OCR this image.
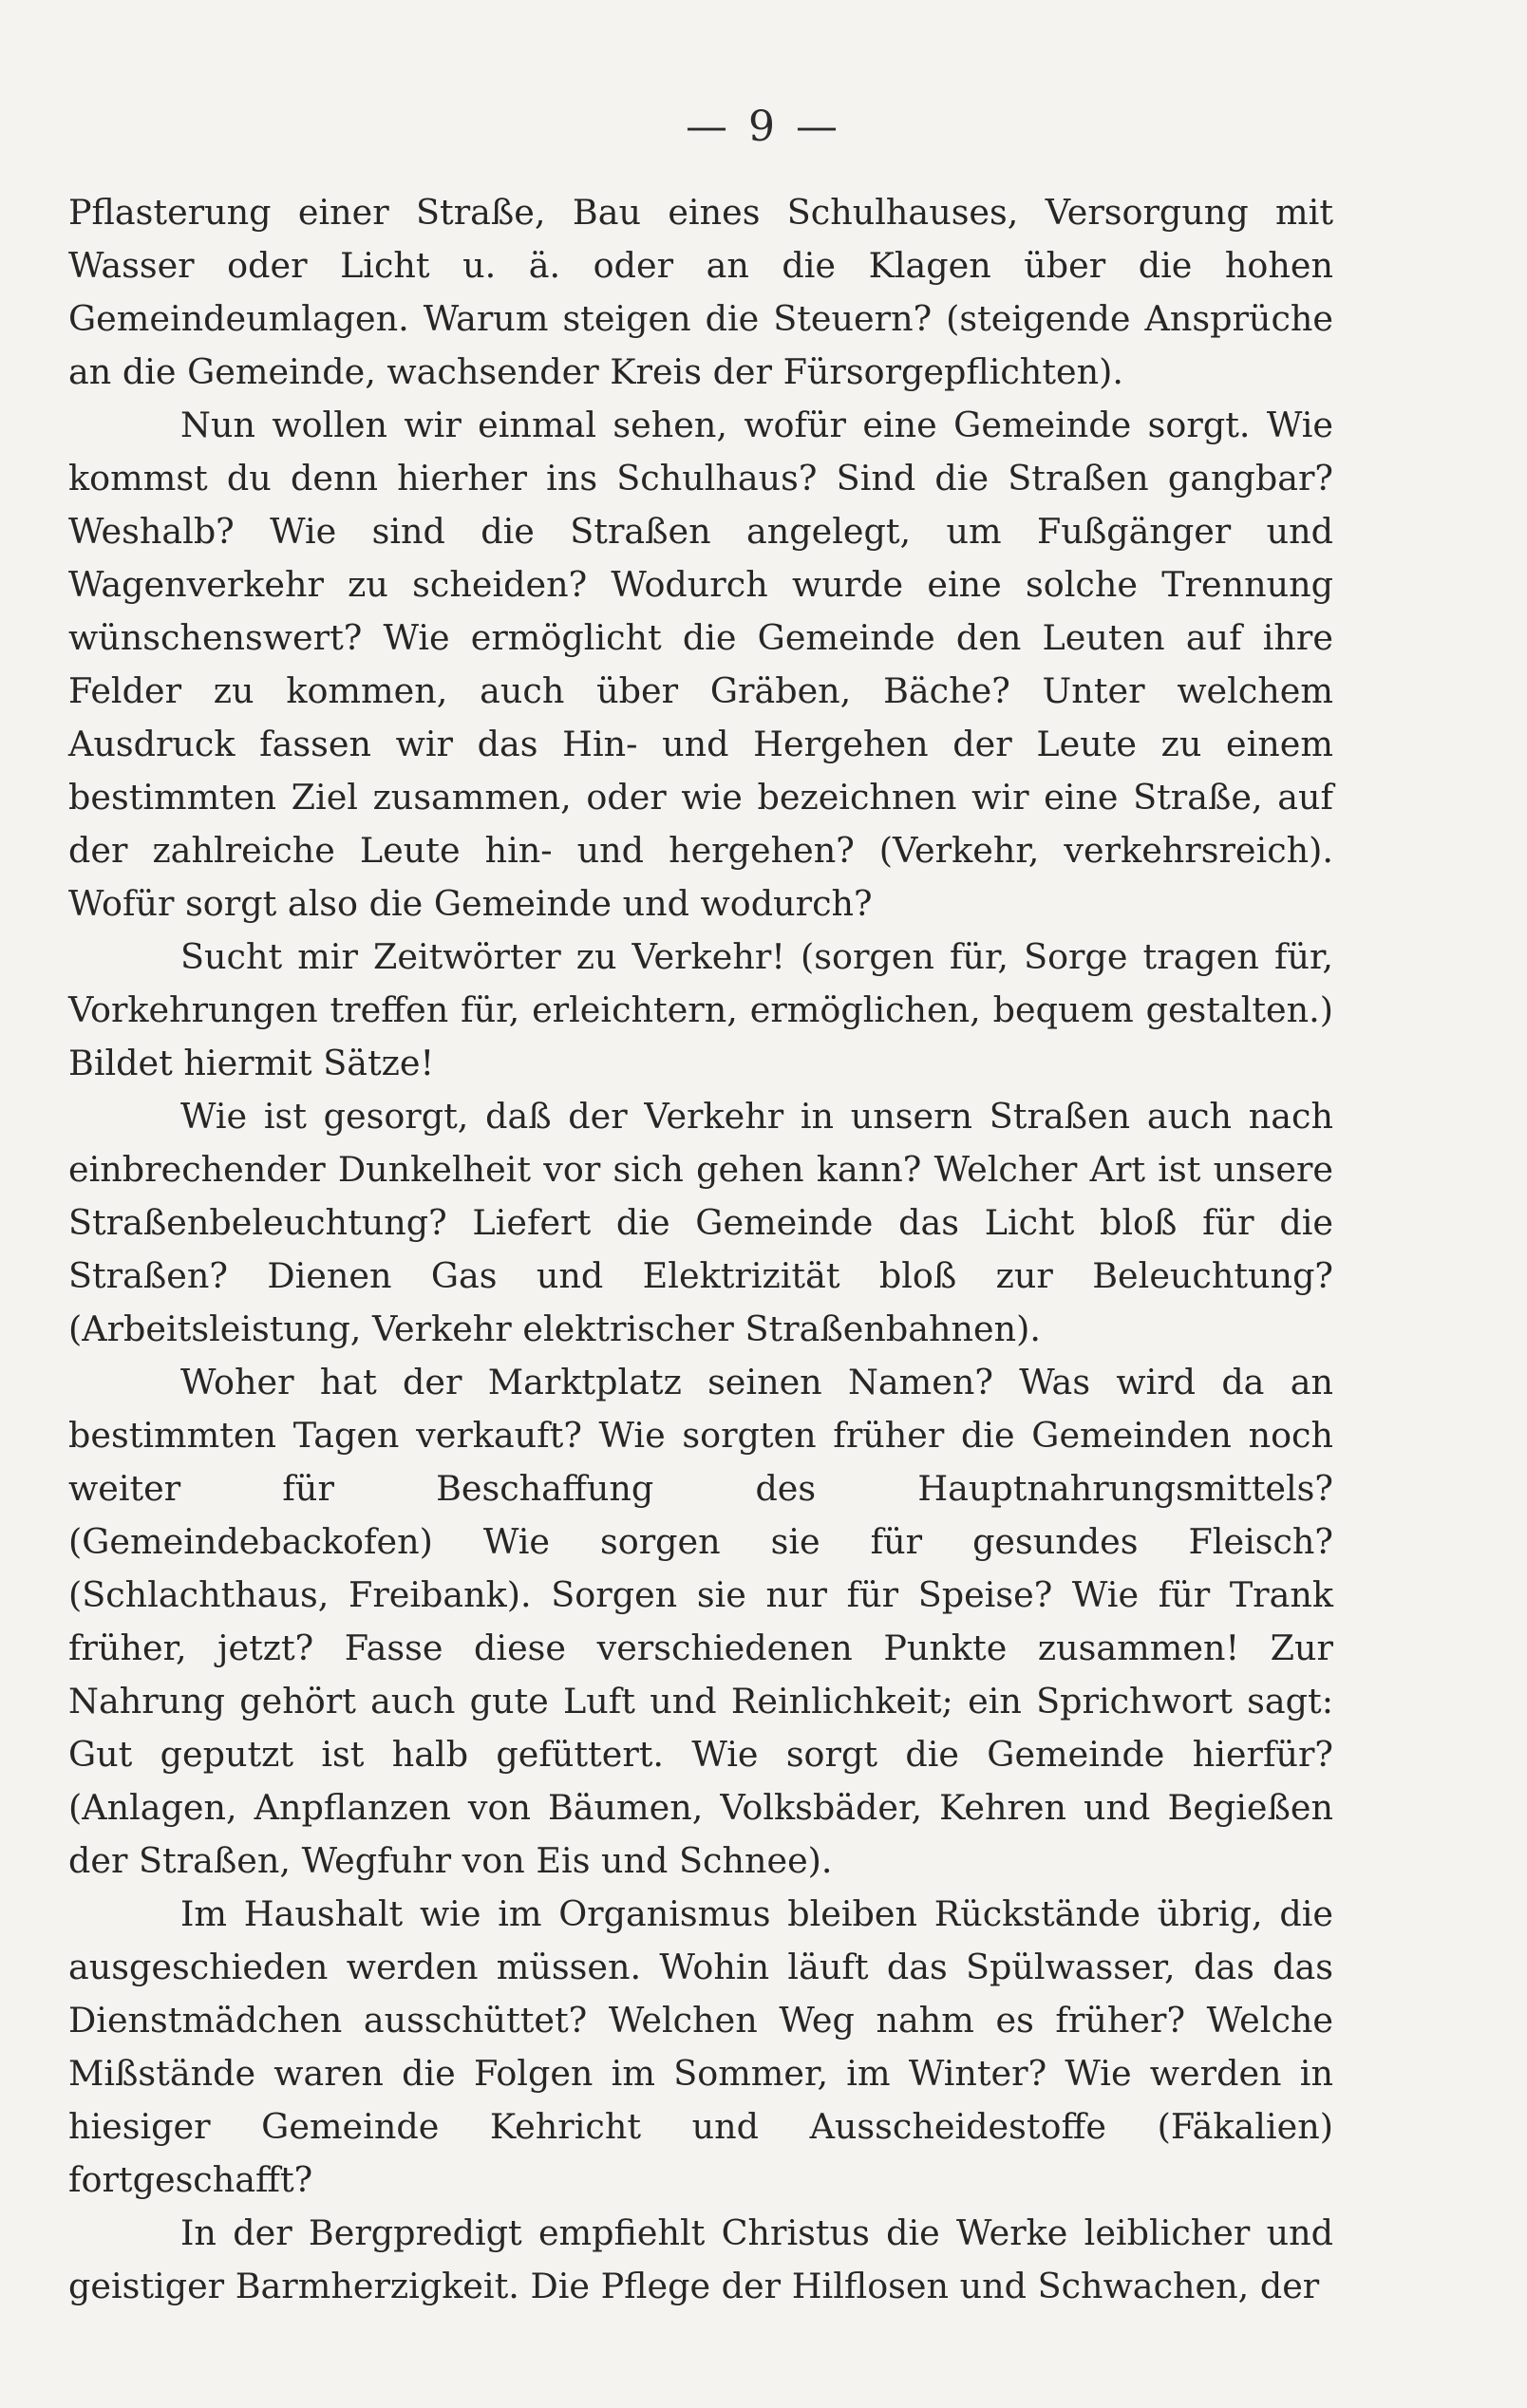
— 9 —

Pflasterung einer Straße, Bau eines Schulhauses, Versorgung mit Wasser oder Licht u. ä. oder an die Klagen über die hohen Gemeindeumlagen. Warum steigen die Steuern? (steigende Ansprüche an die Gemeinde, wachsender Kreis der Fürsorgepflichten).

Nun wollen wir einmal sehen, wofür eine Gemeinde sorgt. Wie kommst du denn hierher ins Schulhaus? Sind die Straßen gangbar? Weshalb? Wie sind die Straßen angelegt, um Fußgänger und Wagenverkehr zu scheiden? Wodurch wurde eine solche Trennung wünschenswert? Wie ermöglicht die Gemeinde den Leuten auf ihre Felder zu kommen, auch über Gräben, Bäche? Unter welchem Ausdruck fassen wir das Hin- und Hergehen der Leute zu einem bestimmten Ziel zusammen, oder wie bezeichnen wir eine Straße, auf der zahlreiche Leute hin- und hergehen? (Verkehr, verkehrsreich). Wofür sorgt also die Gemeinde und wodurch?

Sucht mir Zeitwörter zu Verkehr! (sorgen für, Sorge tragen für, Vorkehrungen treffen für, erleichtern, ermöglichen, bequem gestalten.) Bildet hiermit Sätze!

Wie ist gesorgt, daß der Verkehr in unsern Straßen auch nach einbrechender Dunkelheit vor sich gehen kann? Welcher Art ist unsere Straßenbeleuchtung? Liefert die Gemeinde das Licht bloß für die Straßen? Dienen Gas und Elektrizität bloß zur Beleuchtung? (Arbeitsleistung, Verkehr elektrischer Straßenbahnen).

Woher hat der Marktplatz seinen Namen? Was wird da an bestimmten Tagen verkauft? Wie sorgten früher die Gemeinden noch weiter für Beschaffung des Hauptnahrungsmittels? (Gemeindebackofen) Wie sorgen sie für gesundes Fleisch? (Schlachthaus, Freibank). Sorgen sie nur für Speise? Wie für Trank früher, jetzt? Fasse diese verschiedenen Punkte zusammen! Zur Nahrung gehört auch gute Luft und Reinlichkeit; ein Sprichwort sagt: Gut geputzt ist halb gefüttert. Wie sorgt die Gemeinde hierfür? (Anlagen, Anpflanzen von Bäumen, Volksbäder, Kehren und Begießen der Straßen, Wegfuhr von Eis und Schnee).

Im Haushalt wie im Organismus bleiben Rückstände übrig, die ausgeschieden werden müssen. Wohin läuft das Spülwasser, das das Dienstmädchen ausschüttet? Welchen Weg nahm es früher? Welche Mißstände waren die Folgen im Sommer, im Winter? Wie werden in hiesiger Gemeinde Kehricht und Ausscheidestoffe (Fäkalien) fortgeschafft?

In der Bergpredigt empfiehlt Christus die Werke leiblicher und geistiger Barmherzigkeit. Die Pflege der Hilflosen und Schwachen, der
